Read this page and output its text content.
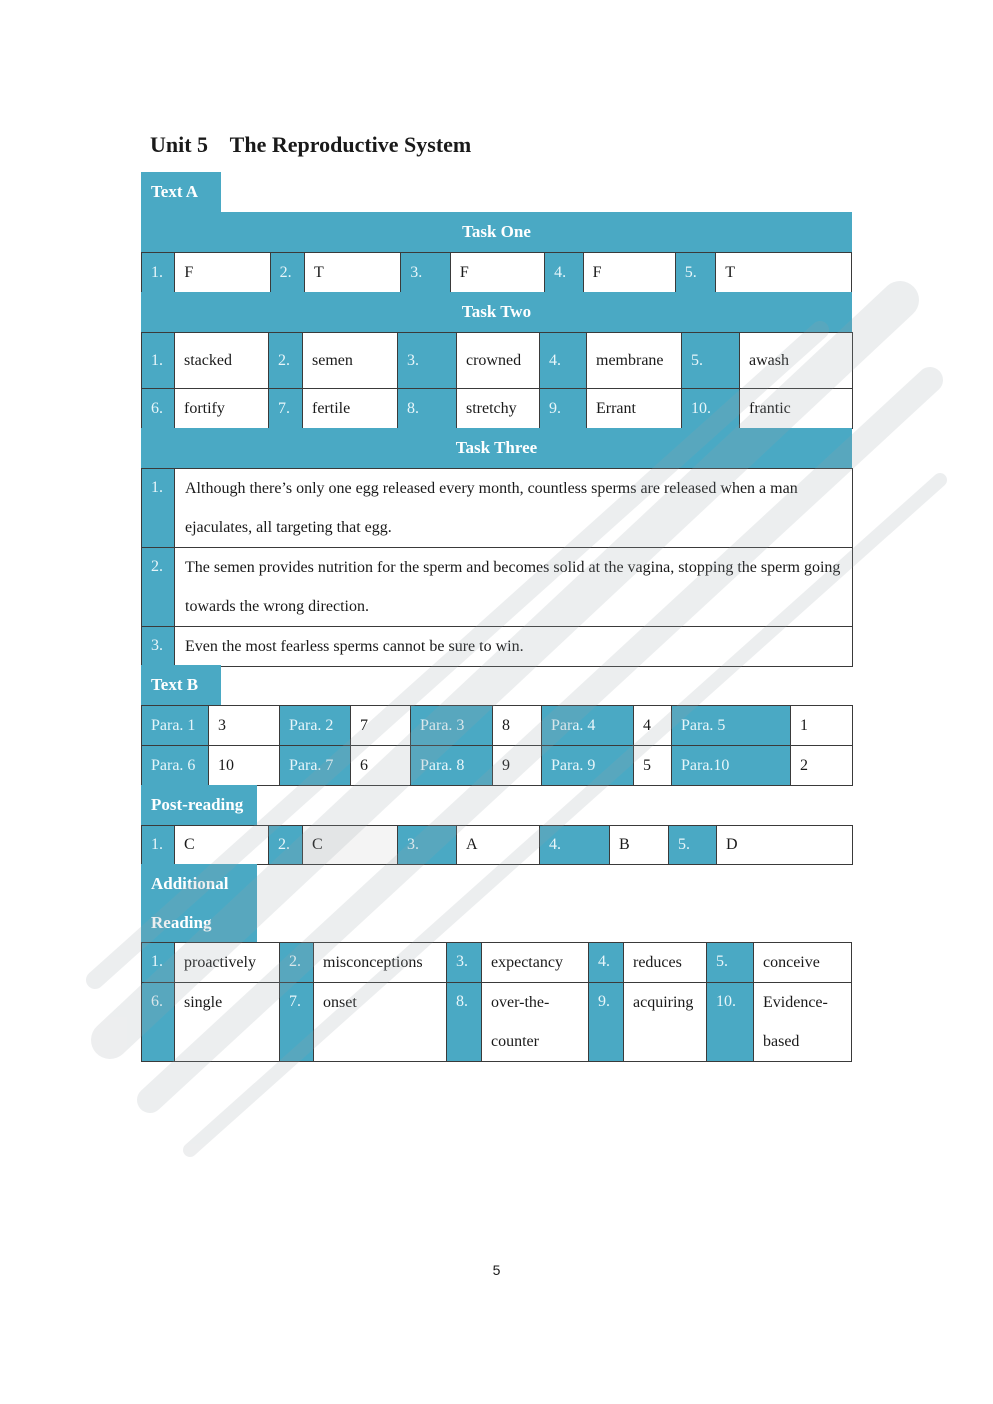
Unit 5    The Reproductive System
Text A
Task One
1.	F	2.	T	3.	F	4.	F	5.	T
Task Two
1.	stacked	2.	semen	3.	crowned	4.	membrane	5.	awash
6.	fortify	7.	fertile	8.	stretchy	9.	Errant	10.	frantic
Task Three
1.	Although there’s only one egg released every month, countless sperms are released when a man ejaculates, all targeting that egg.
2.	The semen provides nutrition for the sperm and becomes solid at the vagina, stopping the sperm going towards the wrong direction.
3.	Even the most fearless sperms cannot be sure to win.
Text B
Para. 1	3	Para. 2	7	Para. 3	8	Para. 4	4	Para. 5	1
Para. 6	10	Para. 7	6	Para. 8	9	Para. 9	5	Para.10	2
Post-reading
1.	C	2.	C	3.	A	4.	B	5.	D
Additional
Reading
1.	proactively	2.	misconceptions	3.	expectancy	4.	reduces	5.	conceive
6.	single	7.	onset	8.	over-the-counter	9.	acquiring	10.	Evidence-based
5
